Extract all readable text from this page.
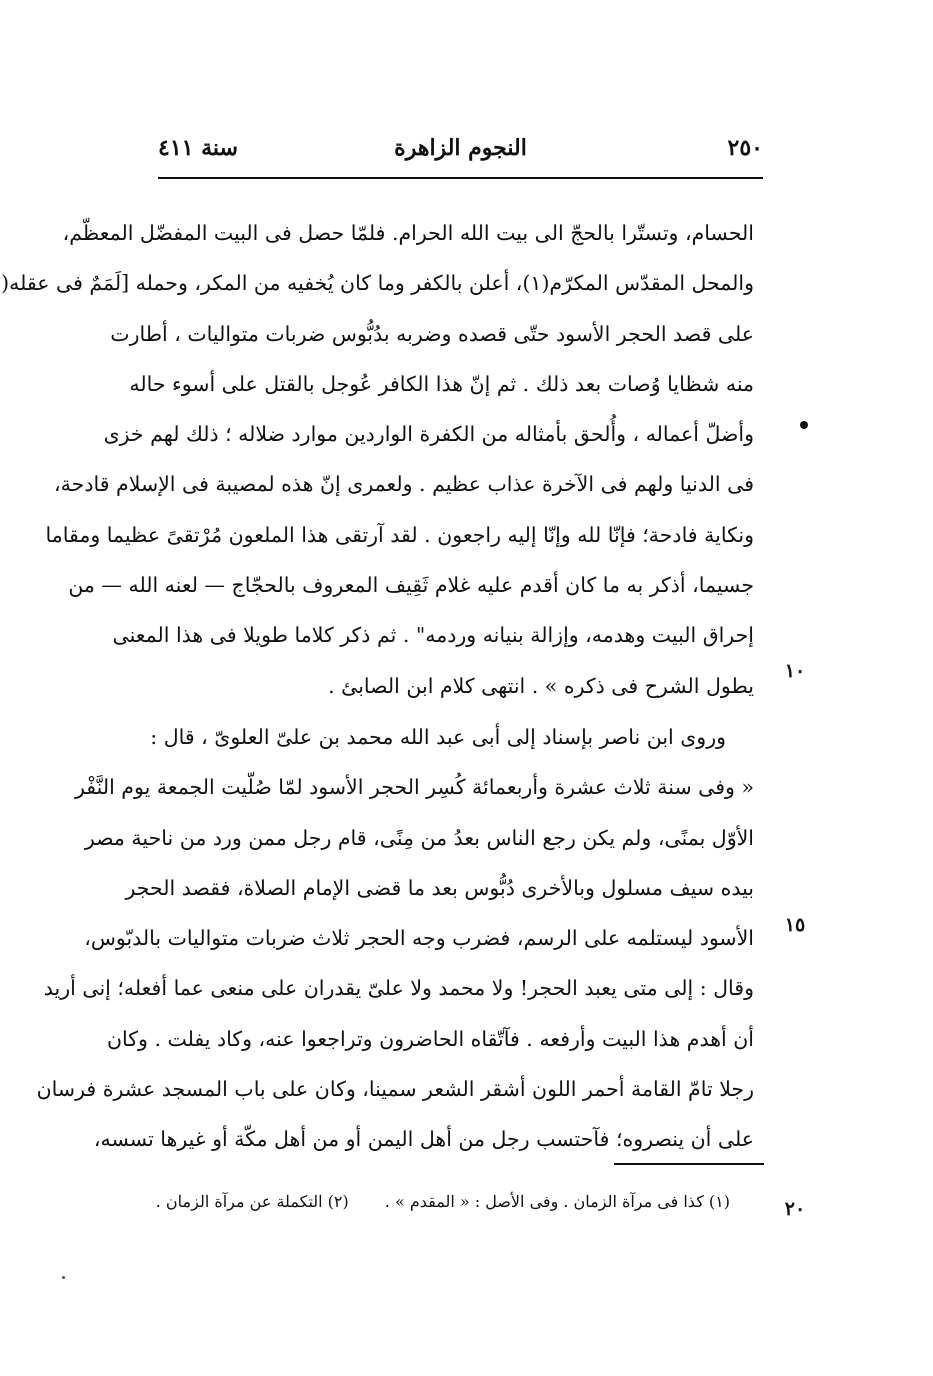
٢٥٠
النجوم الزاهرة
سنة ٤١١
الحسام، وتستّرا بالحجّ الى بيت الله الحرام. فلمّا حصل فى البيت المفضّل المعظّم،
والمحل المقدّس المكرّم(١)، أعلن بالكفر وما كان يُخفيه من المكر، وحمله [لَمَمٌ فى عقله(
على قصد الحجر الأسود حتّى قصده وضربه بدُبُّوس ضربات متواليات ، أطارت
منه شظايا وُصات بعد ذلك . ثم إنّ هذا الكافر عُوجل بالقتل على أسوء حاله
وأضلّ أعماله ، وأُلحق بأمثاله من الكفرة الواردين موارد ضلاله ؛ ذلك لهم خزى
فى الدنيا ولهم فى الآخرة عذاب عظيم . ولعمرى إنّ هذه لمصيبة فى الإسلام قادحة،
ونكاية فادحة؛ فإنّا لله وإنّا إليه راجعون . لقد آرتقى هذا الملعون مُرْتقىً عظيما ومقاما
جسيما، أذكر به ما كان أقدم عليه غلام ثَقِيف المعروف بالحجّاج — لعنه الله — من
إحراق البيت وهدمه، وإزالة بنيانه وردمه" . ثم ذكر كلاما طويلا فى هذا المعنى
يطول الشرح فى ذكره » . انتهى كلام ابن الصابئ .
وروى ابن ناصر بإسناد إلى أبى عبد الله محمد بن علىّ العلوىّ ، قال :
« وفى سنة ثلاث عشرة وأربعمائة كُسِر الحجر الأسود لمّا صُلّيت الجمعة يوم النَّفْر
الأوّل بمنًى، ولم يكن رجع الناس بعدُ من مِنًى، قام رجل ممن ورد من ناحية مصر
بيده سيف مسلول وبالأخرى دُبُّوس بعد ما قضى الإمام الصلاة، فقصد الحجر
الأسود ليستلمه على الرسم، فضرب وجه الحجر ثلاث ضربات متواليات بالدبّوس،
وقال : إلى متى يعبد الحجر! ولا محمد ولا علىّ يقدران على منعى عما أفعله؛ إنى أريد
أن أهدم هذا البيت وأرفعه . فآتّقاه الحاضرون وتراجعوا عنه، وكاد يفلت . وكان
رجلا تامّ القامة أحمر اللون أشقر الشعر سمينا، وكان على باب المسجد عشرة فرسان
على أن ينصروه؛ فآحتسب رجل من أهل اليمن أو من أهل مكّة أو غيرها تسسه،
١٠
١٥
٢٠
(١) كذا فى مرآة الزمان . وفى الأصل : « المقدم » .(٢) التكملة عن مرآة الزمان .
